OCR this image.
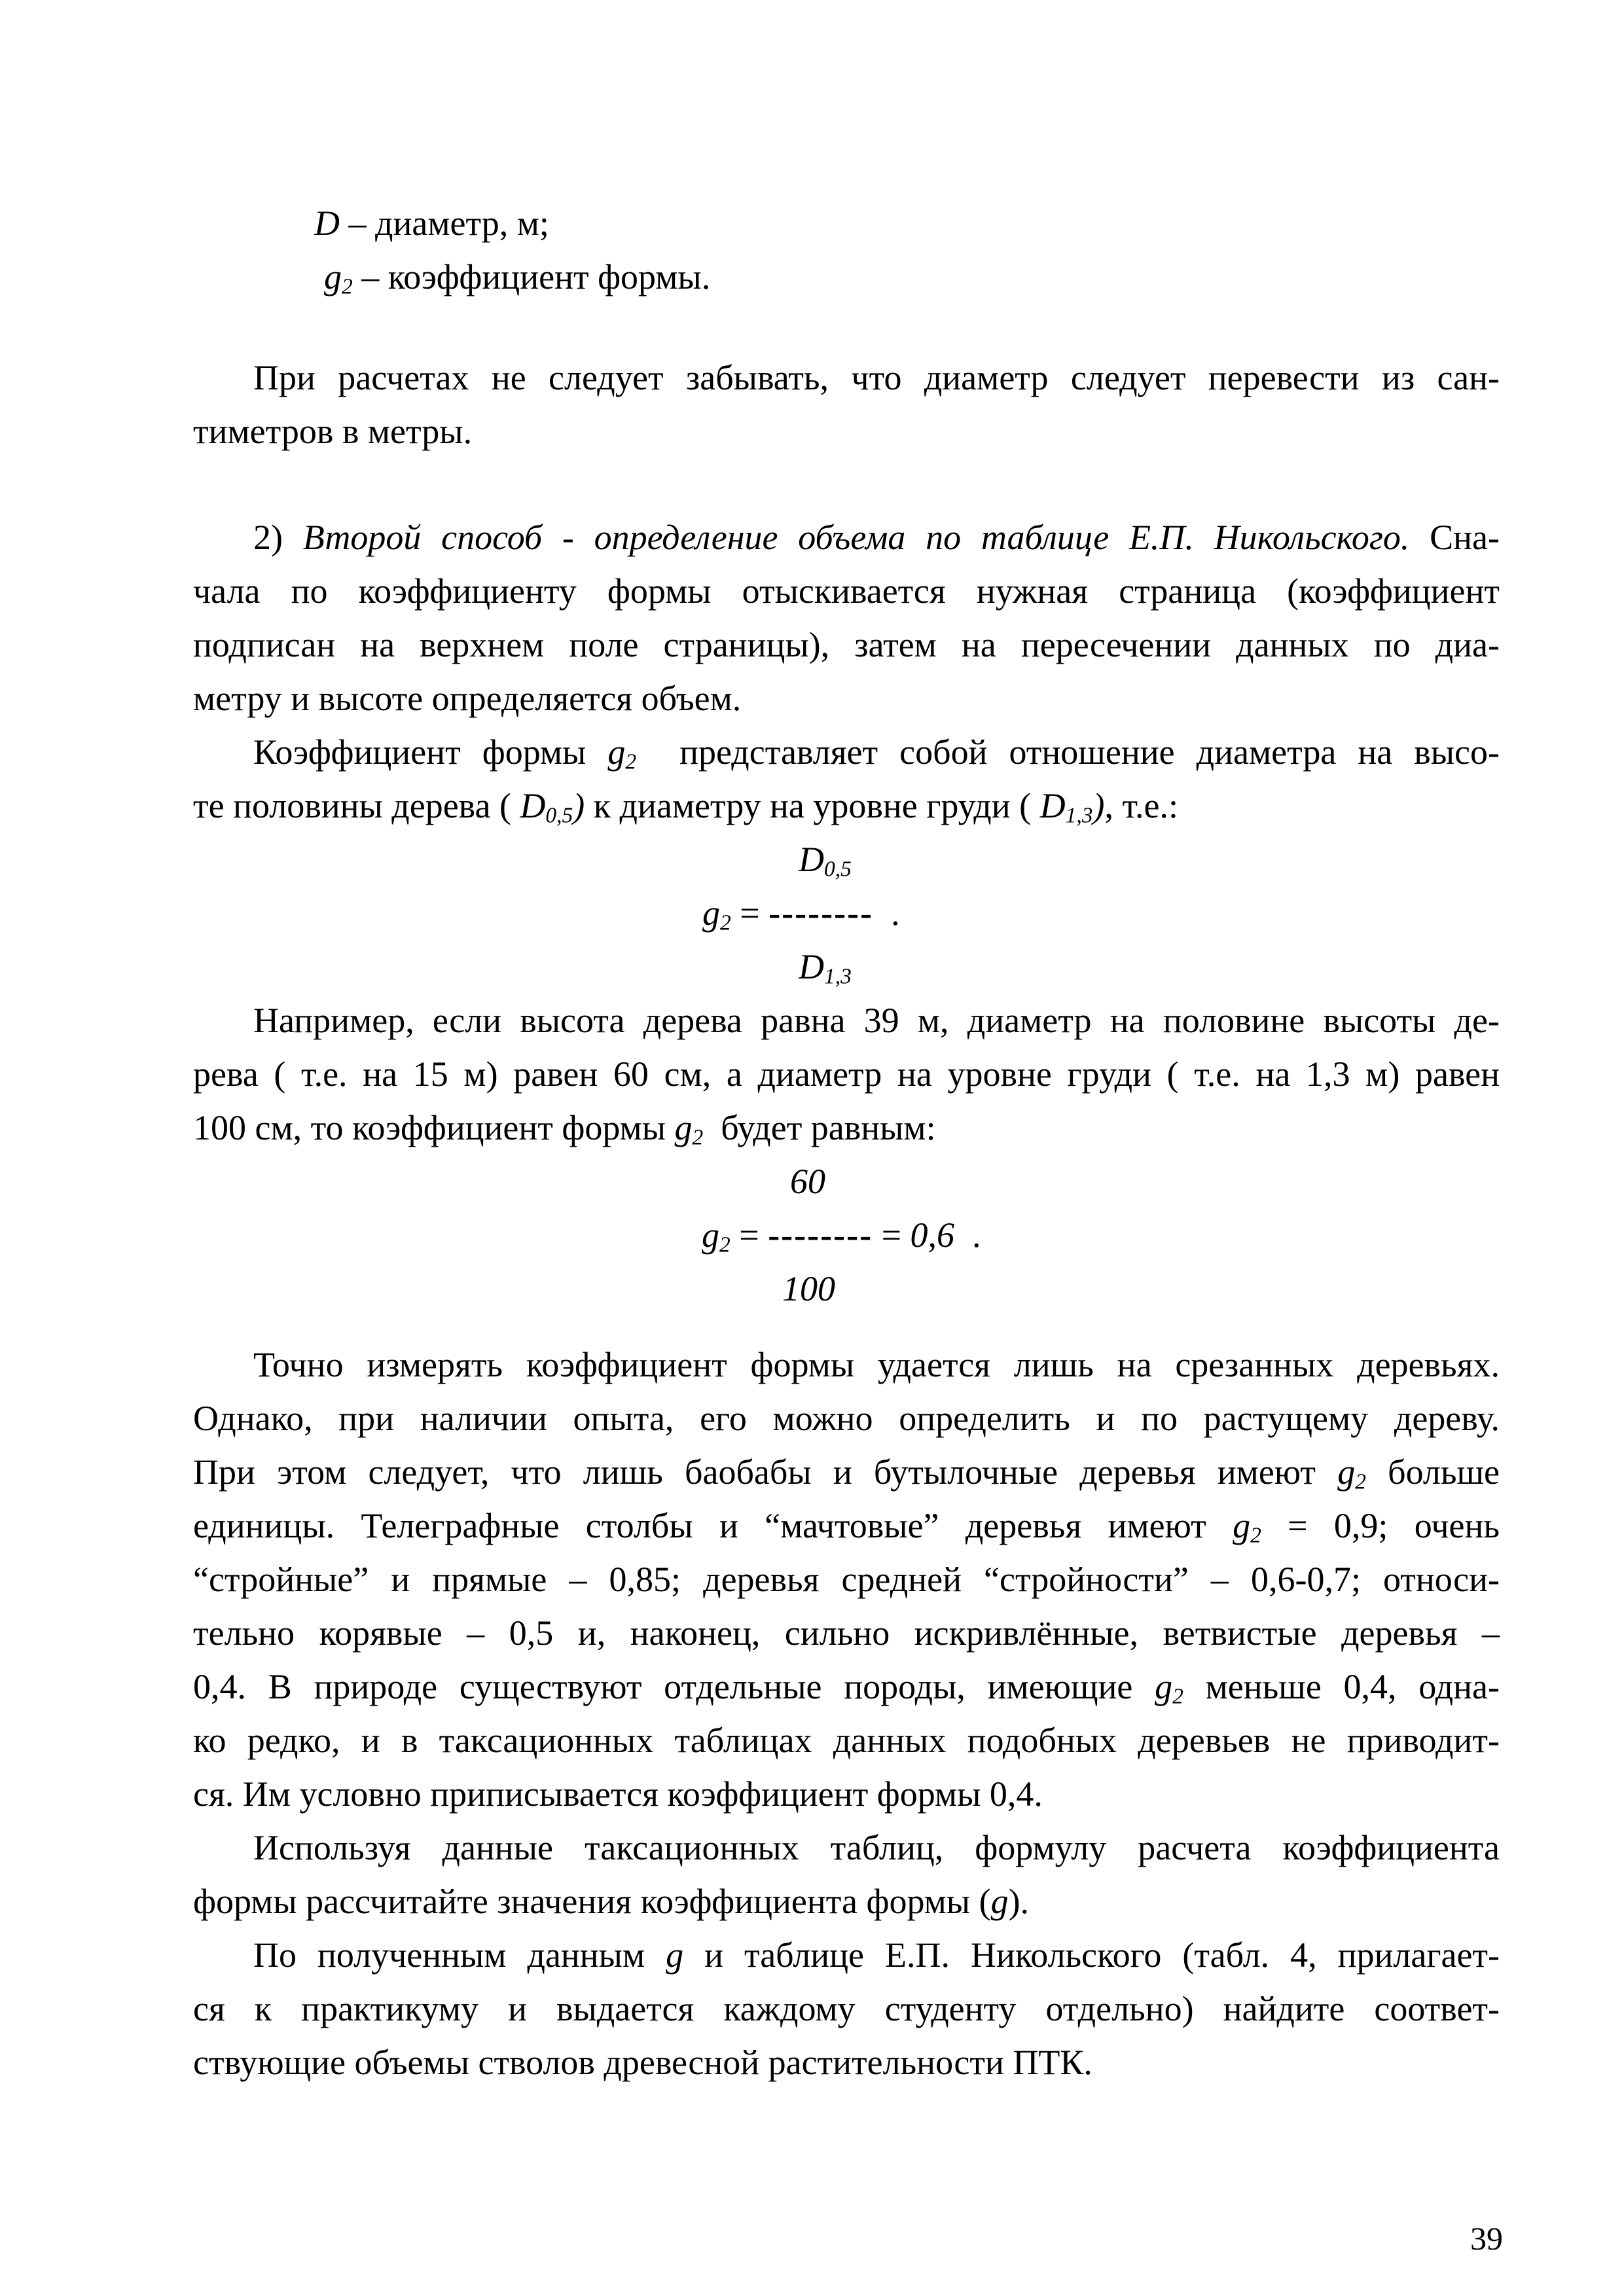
D – диаметр, м;
$g_2$ – коэффициент формы.
При расчетах не следует забывать, что диаметр следует перевести из сан-
тиметров в метры.
2) Второй способ - определение объема по таблице Е.П. Никольского. Сна-
чала по коэффициенту формы отыскивается нужная страница (коэффициент
подписан на верхнем поле страницы), затем на пересечении данных по диа-
метру и высоте определяется объем.
Коэффициент формы $g_2$  представляет собой отношение диаметра на высо-
те половины дерева ( $D_{0,5}$) к диаметру на уровне груди ( $D_{1,3}$), т.е.:
$D_{0,5}$
$g_2$ = --------  .
$D_{1,3}$
Например, если высота дерева равна 39 м, диаметр на половине высоты де-
рева ( т.е. на 15 м) равен 60 см, а диаметр на уровне груди ( т.е. на 1,3 м) равен
100 см, то коэффициент формы $g_2$  будет равным:
60
$g_2$ = -------- = 0,6  .
100
Точно измерять коэффициент формы удается лишь на срезанных деревьях.
Однако, при наличии опыта, его можно определить и по растущему дереву.
При этом следует, что лишь баобабы и бутылочные деревья имеют $g_2$ больше
единицы. Телеграфные столбы и “мачтовые” деревья имеют $g_2 = 0,9$; очень
“стройные” и прямые – 0,85; деревья средней “стройности” – 0,6-0,7; относи-
тельно корявые – 0,5 и, наконец, сильно искривлённые, ветвистые деревья –
0,4. В природе существуют отдельные породы, имеющие $g_2$ меньше 0,4, одна-
ко редко, и в таксационных таблицах данных подобных деревьев не приводит-
ся. Им условно приписывается коэффициент формы 0,4.
Используя данные таксационных таблиц, формулу расчета коэффициента
формы рассчитайте значения коэффициента формы (g).
По полученным данным g и таблице Е.П. Никольского (табл. 4, прилагает-
ся к практикуму и выдается каждому студенту отдельно) найдите соответ-
ствующие объемы стволов древесной растительности ПТК.
39
